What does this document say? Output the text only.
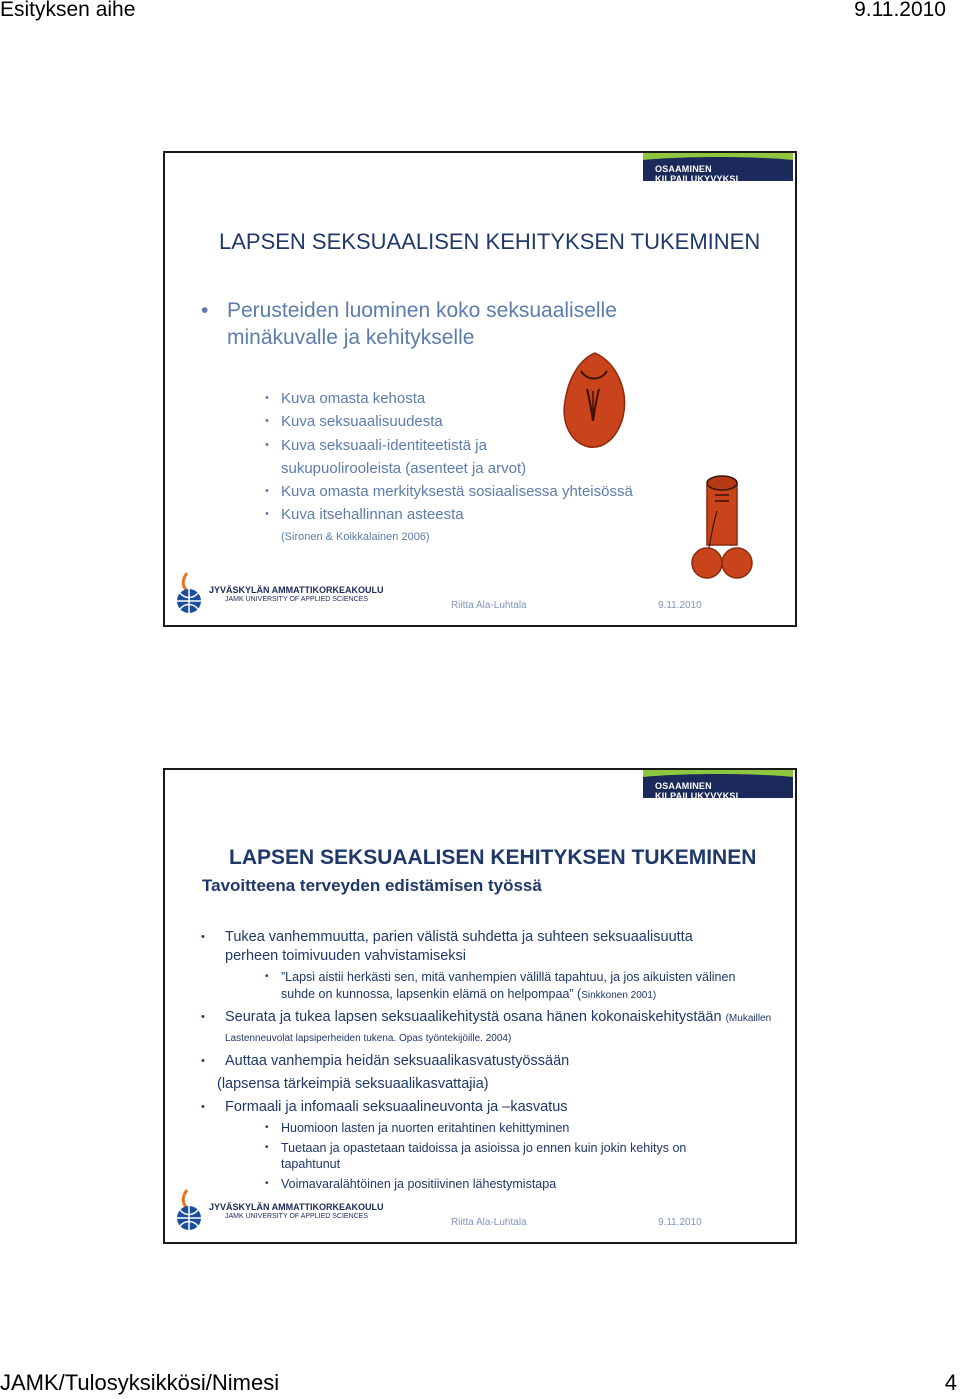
Esityksen aihe	9.11.2010
OSAAMINEN KILPAILUKYVYKSI
LAPSEN SEKSUAALISEN KEHITYKSEN TUKEMINEN
• Perusteiden luominen koko seksuaaliselle minäkuvalle ja kehitykselle
• Kuva omasta kehosta
• Kuva seksuaalisuudesta
• Kuva seksuaali-identiteetistä ja sukupuolirooleista (asenteet ja arvot)
• Kuva omasta merkityksestä sosiaalisessa yhteisössä
• Kuva itsehallinnan asteesta
(Sironen & Koikkalainen 2006)
JYVÄSKYLÄN AMMATTIKORKEAKOULU
JAMK UNIVERSITY OF APPLIED SCIENCES
Riitta Ala-Luhtala	9.11.2010
OSAAMINEN KILPAILUKYVYKSI
LAPSEN SEKSUAALISEN KEHITYKSEN TUKEMINEN
Tavoitteena terveyden edistämisen työssä
• Tukea vanhemmuutta, parien välistä suhdetta ja suhteen seksuaalisuutta perheen toimivuuden vahvistamiseksi
• ”Lapsi aistii herkästi sen, mitä vanhempien välillä tapahtuu, ja jos aikuisten välinen suhde on kunnossa, lapsenkin elämä on helpompaa” (Sinkkonen 2001)
• Seurata ja tukea lapsen seksuaalikehitystä osana hänen kokonaiskehitystään (Mukaillen Lastenneuvolat lapsiperheiden tukena. Opas työntekijöille. 2004)
• Auttaa vanhempia heidän seksuaalikasvatustyössään
(lapsensa tärkeimpiä seksuaalikasvattajia)
• Formaali ja infomaali seksuaalineuvonta ja –kasvatus
• Huomioon lasten ja nuorten eritahtinen kehittyminen
• Tuetaan ja opastetaan taidoissa ja asioissa jo ennen kuin jokin kehitys on tapahtunut
• Voimavaralähtöinen ja positiivinen lähestymistapa
JYVÄSKYLÄN AMMATTIKORKEAKOULU
JAMK UNIVERSITY OF APPLIED SCIENCES
Riitta Ala-Luhtala	9.11.2010
JAMK/Tulosyksikkösi/Nimesi	4
